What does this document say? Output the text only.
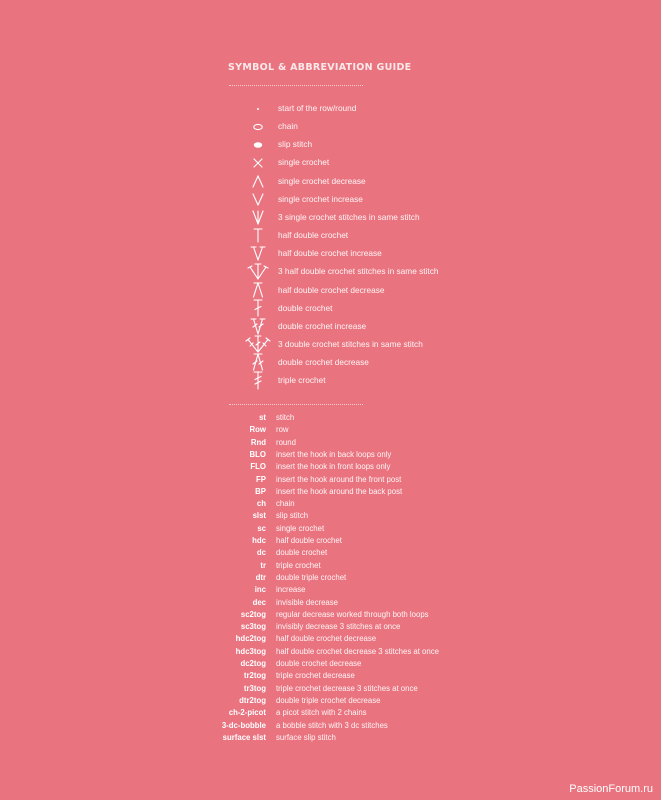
SYMBOL & ABBREVIATION GUIDE
start of the row/round
chain
slip stitch
single crochet
single crochet decrease
single crochet increase
3 single crochet stitches in same stitch
half double crochet
half double crochet increase
3 half double crochet stitches in same stitch
half double crochet decrease
double crochet
double crochet increase
3 double crochet stitches in same stitch
double crochet decrease
triple crochet
st stitch
Row row
Rnd round
BLO insert the hook in back loops only
FLO insert the hook in front loops only
FP insert the hook around the front post
BP insert the hook around the back post
ch chain
slst slip stitch
sc single crochet
hdc half double crochet
dc double crochet
tr triple crochet
dtr double triple crochet
inc increase
dec invisible decrease
sc2tog regular decrease worked through both loops
sc3tog invisibly decrease 3 stitches at once
hdc2tog half double crochet decrease
hdc3tog half double crochet decrease 3 stitches at once
dc2tog double crochet decrease
tr2tog triple crochet decrease
tr3tog triple crochet decrease 3 stitches at once
dtr2tog double triple crochet decrease
ch-2-picot a picot stitch with 2 chains
3-dc-bobble a bobble stitch with 3 dc stitches
surface slst surface slip stitch
PassionForum.ru
